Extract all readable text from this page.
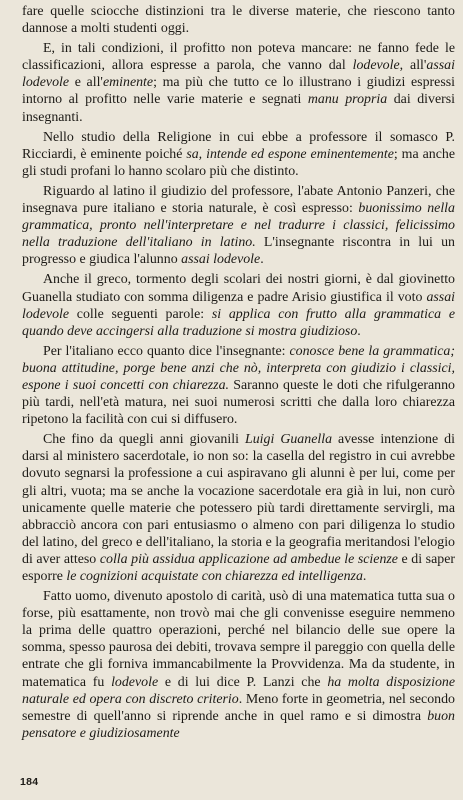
fare quelle sciocche distinzioni tra le diverse materie, che riescono tanto dannose a molti studenti oggi.

E, in tali condizioni, il profitto non poteva mancare: ne fanno fede le classificazioni, allora espresse a parola, che vanno dal lodevole, all'assai lodevole e all'eminente; ma più che tutto ce lo illustrano i giudizi espressi intorno al profitto nelle varie materie e segnati manu propria dai diversi insegnanti.

Nello studio della Religione in cui ebbe a professore il somasco P. Ricciardi, è eminente poiché sa, intende ed espone eminentemente; ma anche gli studi profani lo hanno scolaro più che distinto.

Riguardo al latino il giudizio del professore, l'abate Antonio Panzeri, che insegnava pure italiano e storia naturale, è così espresso: buonissimo nella grammatica, pronto nell'interpretare e nel tradurre i classici, felicissimo nella traduzione dell'italiano in latino. L'insegnante riscontra in lui un progresso e giudica l'alunno assai lodevole.

Anche il greco, tormento degli scolari dei nostri giorni, è dal giovinetto Guanella studiato con somma diligenza e padre Arisio giustifica il voto assai lodevole colle seguenti parole: si applica con frutto alla grammatica e quando deve accingersi alla traduzione si mostra giudizioso.

Per l'italiano ecco quanto dice l'insegnante: conosce bene la grammatica; buona attitudine, porge bene anzi che nò, interpreta con giudizio i classici, espone i suoi concetti con chiarezza. Saranno queste le doti che rifulgeranno più tardi, nell'età matura, nei suoi numerosi scritti che dalla loro chiarezza ripetono la facilità con cui si diffusero.

Che fino da quegli anni giovanili Luigi Guanella avesse intenzione di darsi al ministero sacerdotale, io non so: la casella del registro in cui avrebbe dovuto segnarsi la professione a cui aspiravano gli alunni è per lui, come per gli altri, vuota; ma se anche la vocazione sacerdotale era già in lui, non curò unicamente quelle materie che potessero più tardi direttamente servirgli, ma abbracciò ancora con pari entusiasmo o almeno con pari diligenza lo studio del latino, del greco e dell'italiano, la storia e la geografia meritandosi l'elogio di aver atteso colla più assidua applicazione ad ambedue le scienze e di saper esporre le cognizioni acquistate con chiarezza ed intelligenza.

Fatto uomo, divenuto apostolo di carità, usò di una matematica tutta sua o forse, più esattamente, non trovò mai che gli convenisse eseguire nemmeno la prima delle quattro operazioni, perché nel bilancio delle sue opere la somma, spesso paurosa dei debiti, trovava sempre il pareggio con quella delle entrate che gli forniva immancabilmente la Provvidenza. Ma da studente, in matematica fu lodevole e di lui dice P. Lanzi che ha molta disposizione naturale ed opera con discreto criterio. Meno forte in geometria, nel secondo semestre di quell'anno si riprende anche in quel ramo e si dimostra buon pensatore e giudiziosamente

184
